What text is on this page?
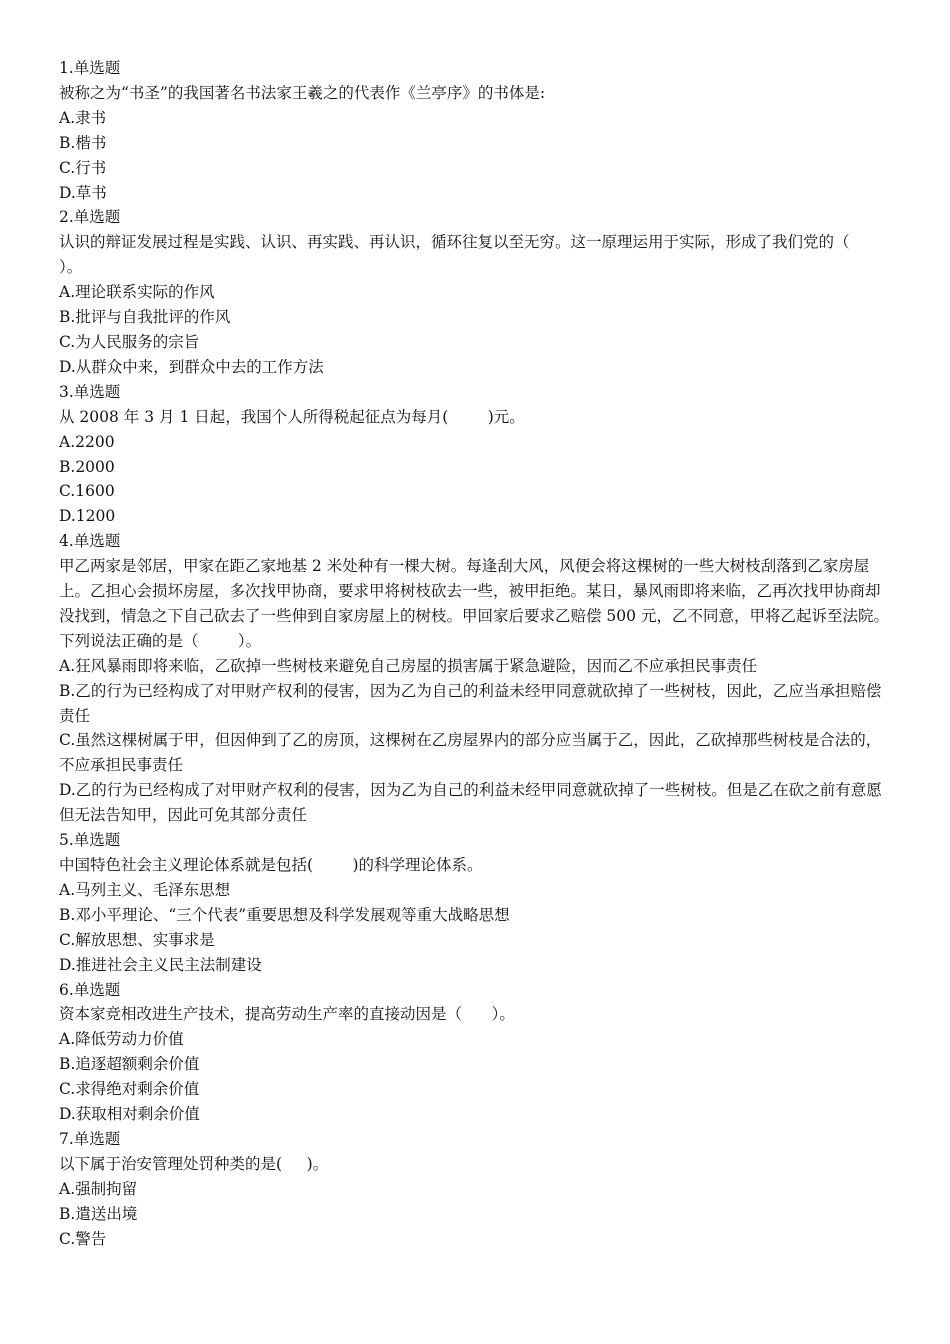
1.单选题

被称之为“书圣”的我国著名书法家王羲之的代表作《兰亭序》的书体是:

A.隶书

B.楷书

C.行书

D.草书

2.单选题

认识的辩证发展过程是实践、认识、再实践、再认识，循环往复以至无穷。这一原理运用于实际，形成了我们党的（        ）。

A.理论联系实际的作风

B.批评与自我批评的作风

C.为人民服务的宗旨

D.从群众中来，到群众中去的工作方法

3.单选题

从 2008 年 3 月 1 日起，我国个人所得税起征点为每月(        )元。

A.2200

B.2000

C.1600

D.1200

4.单选题

甲乙两家是邻居，甲家在距乙家地基 2 米处种有一棵大树。每逢刮大风，风便会将这棵树的一些大树枝刮落到乙家房屋上。乙担心会损坏房屋，多次找甲协商，要求甲将树枝砍去一些，被甲拒绝。某日，暴风雨即将来临，乙再次找甲协商却没找到，情急之下自己砍去了一些伸到自家房屋上的树枝。甲回家后要求乙赔偿 500 元，乙不同意，甲将乙起诉至法院。

下列说法正确的是（        ）。

A.狂风暴雨即将来临，乙砍掉一些树枝来避免自己房屋的损害属于紧急避险，因而乙不应承担民事责任

B.乙的行为已经构成了对甲财产权利的侵害，因为乙为自己的利益未经甲同意就砍掉了一些树枝，因此，乙应当承担赔偿责任

C.虽然这棵树属于甲，但因伸到了乙的房顶，这棵树在乙房屋界内的部分应当属于乙，因此，乙砍掉那些树枝是合法的，不应承担民事责任

D.乙的行为已经构成了对甲财产权利的侵害，因为乙为自己的利益未经甲同意就砍掉了一些树枝。但是乙在砍之前有意愿但无法告知甲，因此可免其部分责任

5.单选题

中国特色社会主义理论体系就是包括(        )的科学理论体系。

A.马列主义、毛泽东思想

B.邓小平理论、“三个代表”重要思想及科学发展观等重大战略思想

C.解放思想、实事求是

D.推进社会主义民主法制建设

6.单选题

资本家竞相改进生产技术，提高劳动生产率的直接动因是（      ）。

A.降低劳动力价值

B.追逐超额剩余价值

C.求得绝对剩余价值

D.获取相对剩余价值

7.单选题

以下属于治安管理处罚种类的是(     )。

A.强制拘留

B.遣送出境

C.警告
